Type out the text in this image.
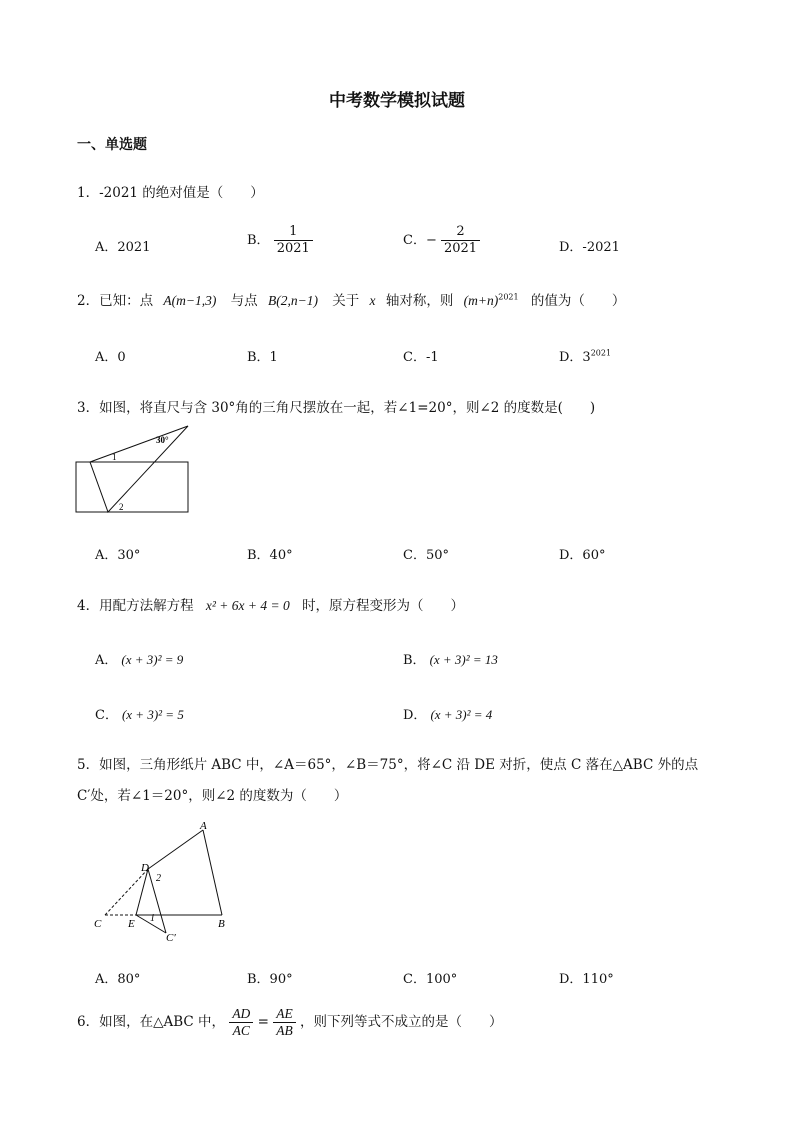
中考数学模拟试题
一、单选题
1．-2021 的绝对值是（　　）
A．2021	B． $\frac{1}{2021}$	C．− $\frac{2}{2021}$	D．-2021
2．已知：点 A(m−1,3) 与点 B(2,n−1) 关于 x 轴对称，则 $(m+n)^{2021}$ 的值为（　　）
A．0	B．1	C．-1	D．$3^{2021}$
3．如图，将直尺与含 30°角的三角尺摆放在一起，若∠1=20°，则∠2 的度数是(　　)
30°
1
2
A．30°	B．40°	C．50°	D．60°
4．用配方法解方程 x² + 6x + 4 = 0 时，原方程变形为（　　）
A． (x + 3)² = 9	B． (x + 3)² = 13
C． (x + 3)² = 5	D． (x + 3)² = 4
5．如图，三角形纸片 ABC 中，∠A＝65°，∠B＝75°，将∠C 沿 DE 对折，使点 C 落在△ABC 外的点
C′处，若∠1＝20°，则∠2 的度数为（　　）
A
D
2
1
C E	B
C′
A．80°	B．90°	C．100°	D．110°
6．如图，在△ABC 中， $\frac{AD}{AC} = \frac{AE}{AB}$ ，则下列等式不成立的是（　　）
